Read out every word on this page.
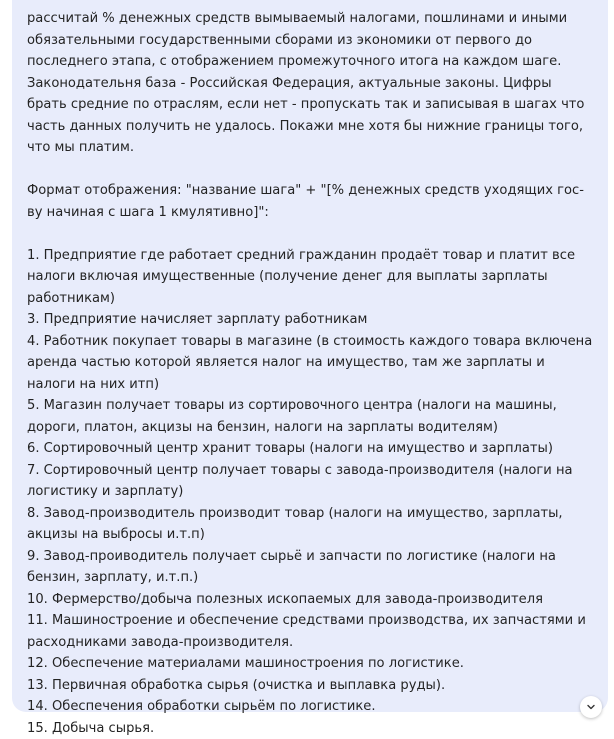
рассчитай % денежных средств вымываемый налогами, пошлинами и иными обязательными государственными сборами из экономики от первого до последнего этапа, с отображением промежуточного итога на каждом шаге. Законодательня база - Российская Федерация, актуальные законы. Цифры брать средние по отраслям, если нет - пропускать так и записывая в шагах что часть данных получить не удалось. Покажи мне хотя бы нижние границы того, что мы платим.

Формат отображения: "название шага" + "[% денежных средств уходящих гос-ву начиная с шага 1 кмулятивно]":

1. Предприятие где работает средний гражданин продаёт товар и платит все налоги включая имущественные (получение денег для выплаты зарплаты работникам)

3. Предприятие начисляет зарплату работникам

4. Работник покупает товары в магазине (в стоимость каждого товара включена аренда частью которой является налог на имущество, там же зарплаты и налоги на них итп)

5. Магазин получает товары из сортировочного центра (налоги на машины, дороги, платон, акцизы на бензин, налоги на зарплаты водителям)

6. Сортировочный центр хранит товары (налоги на имущество и зарплаты)

7. Сортировочный центр получает товары с завода-производителя (налоги на логистику и зарплату)

8. Завод-производитель производит товар (налоги на имущество, зарплаты, акцизы на выбросы и.т.п)

9. Завод-проиводитель получает сырьё и запчасти по логистике (налоги на бензин, зарплату, и.т.п.)

10. Фермерство/добыча полезных ископаемых для завода-производителя

11. Машиностроение и обеспечение средствами производства, их запчастями и расходниками завода-производителя.

12. Обеспечение материалами машиностроения по логистике.

13. Первичная обработка сырья (очистка и выплавка руды).

14. Обеспечения обработки сырьём по логистике.

15. Добыча сырья.
